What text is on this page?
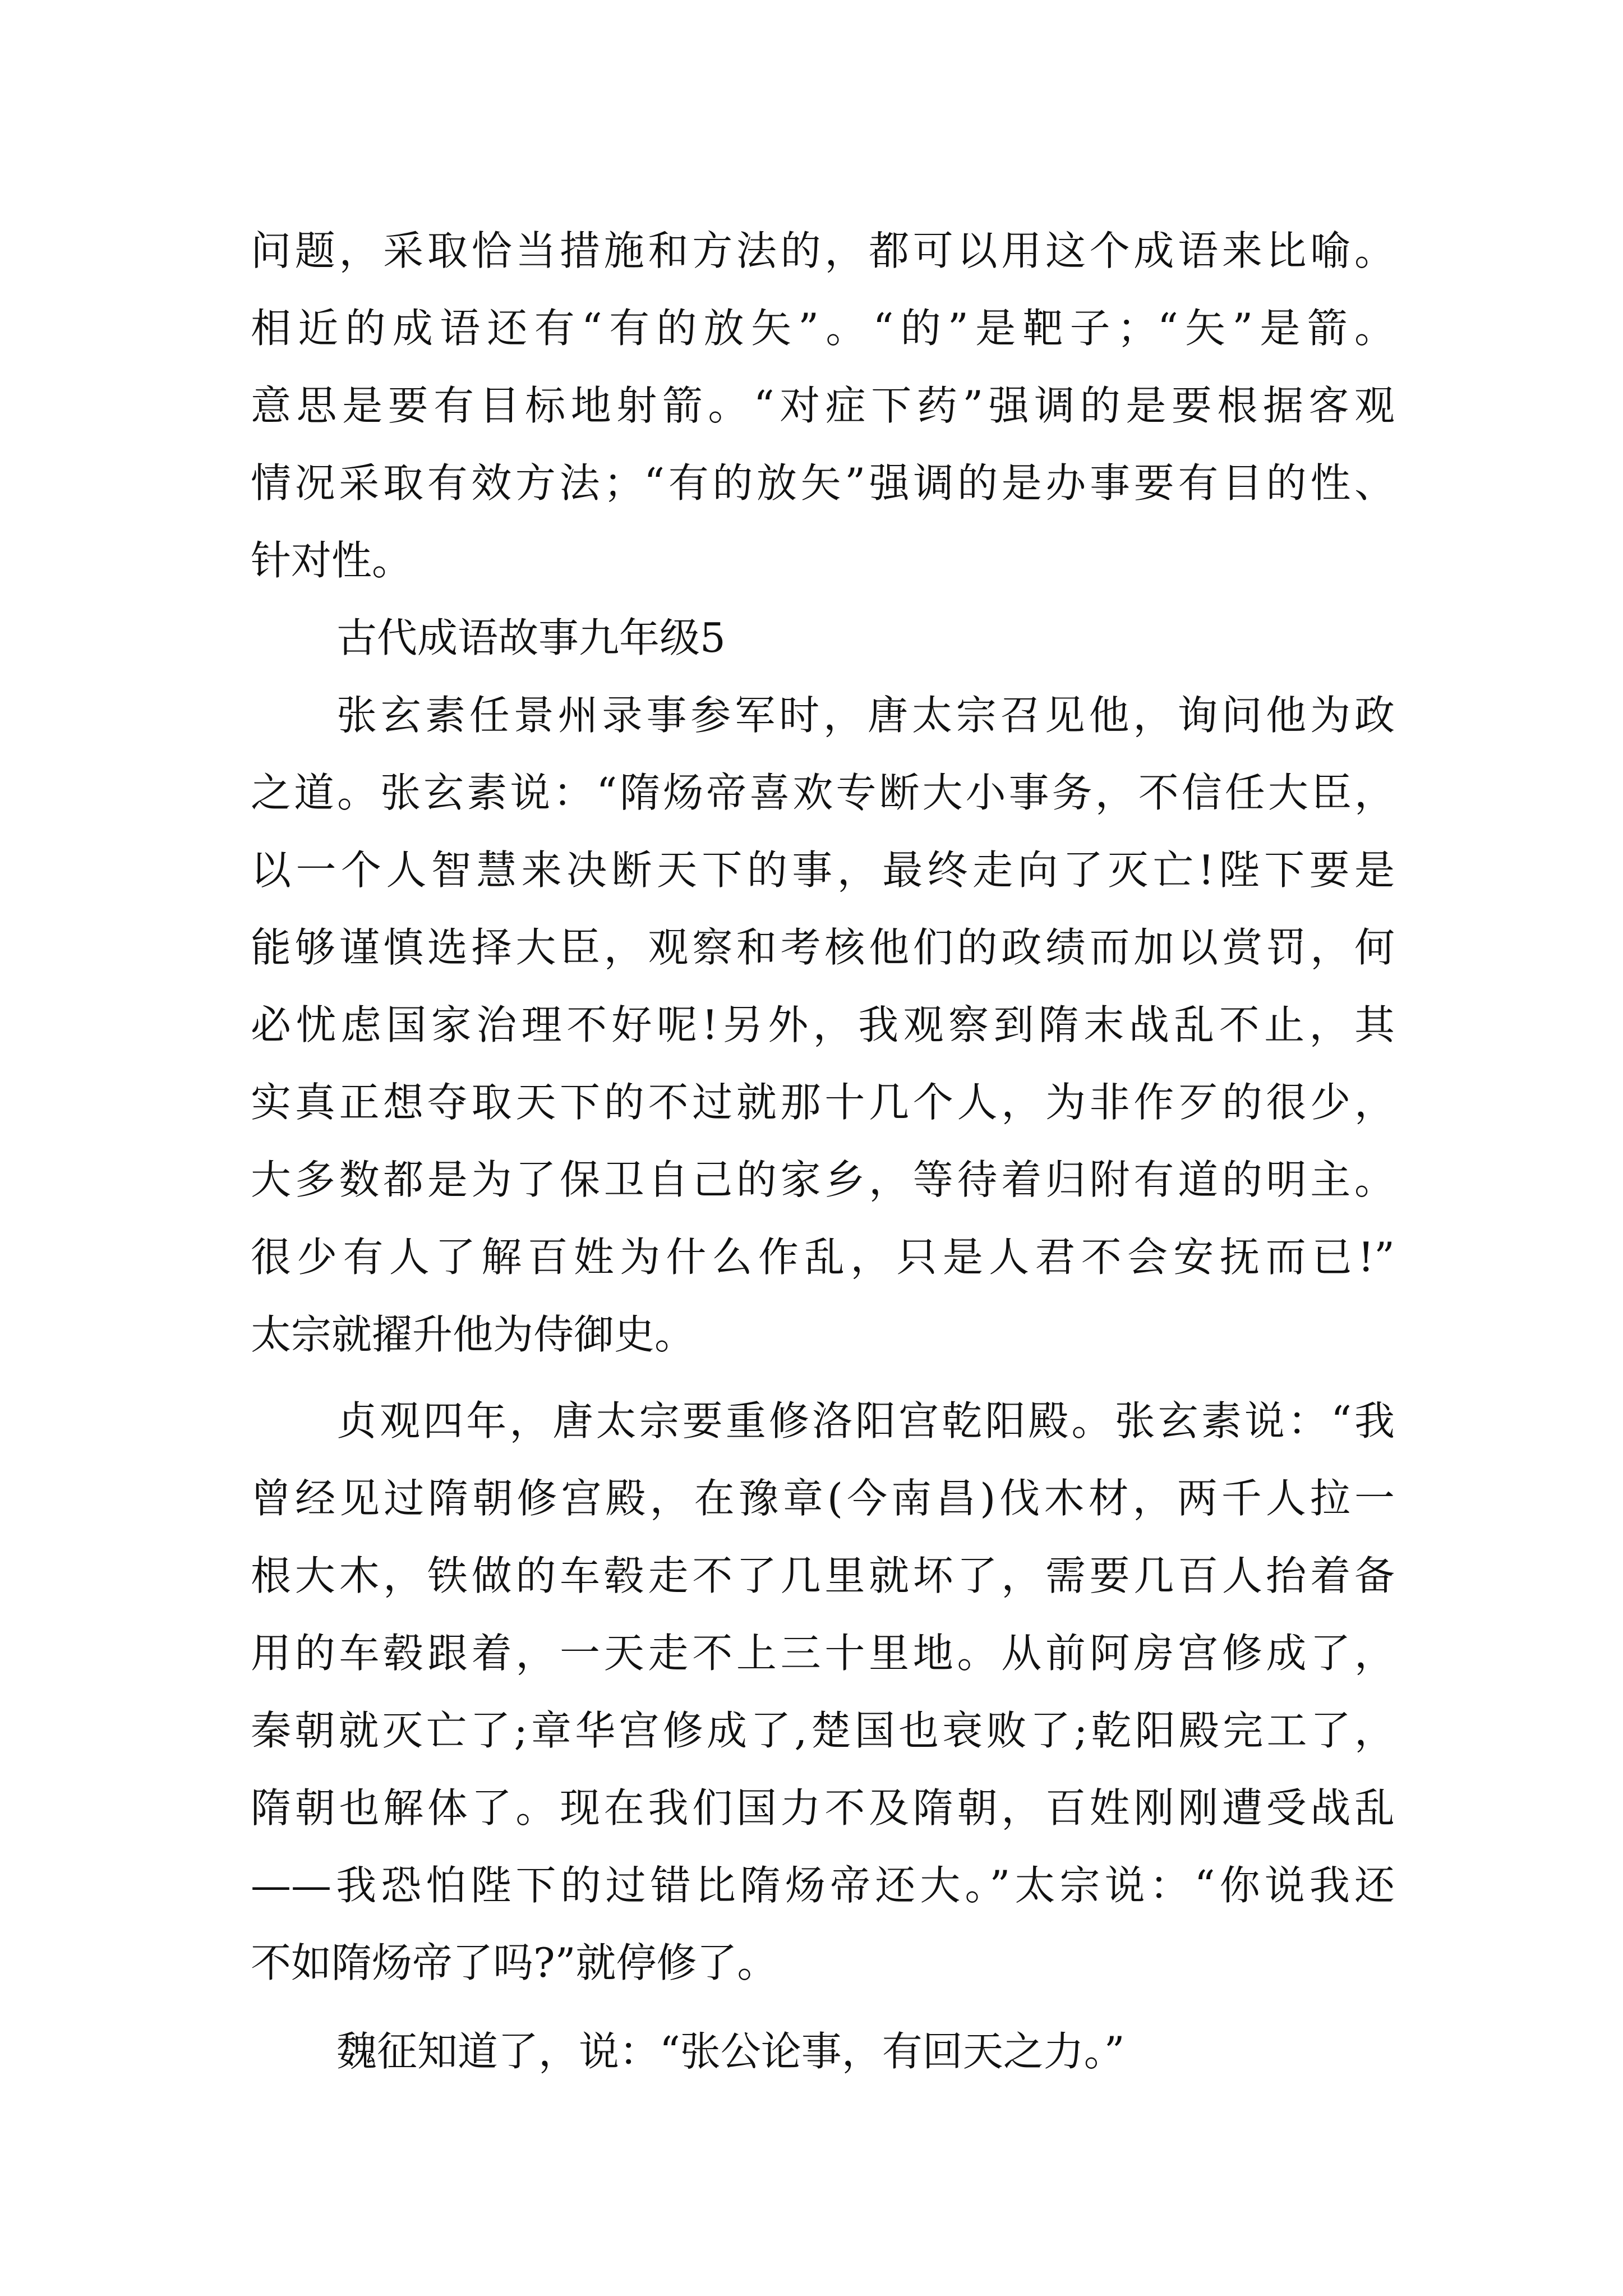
问题，采取恰当措施和方法的，都可以用这个成语来比喻。
相近的成语还有“有的放矢”。“的”是靶子；“矢”是箭。
意思是要有目标地射箭。“对症下药”强调的是要根据客观
情况采取有效方法；“有的放矢”强调的是办事要有目的性、
针对性。
古代成语故事九年级5
张玄素任景州录事参军时，唐太宗召见他，询问他为政
之道。张玄素说：“隋炀帝喜欢专断大小事务，不信任大臣，
以一个人智慧来决断天下的事，最终走向了灭亡!陛下要是
能够谨慎选择大臣，观察和考核他们的政绩而加以赏罚，何
必忧虑国家治理不好呢!另外，我观察到隋末战乱不止，其
实真正想夺取天下的不过就那十几个人，为非作歹的很少，
大多数都是为了保卫自己的家乡，等待着归附有道的明主。
很少有人了解百姓为什么作乱，只是人君不会安抚而已!”
太宗就擢升他为侍御史。
贞观四年，唐太宗要重修洛阳宫乾阳殿。张玄素说：“我
曾经见过隋朝修宫殿，在豫章(今南昌)伐木材，两千人拉一
根大木，铁做的车毂走不了几里就坏了，需要几百人抬着备
用的车毂跟着，一天走不上三十里地。从前阿房宫修成了，
秦朝就灭亡了;章华宫修成了,楚国也衰败了;乾阳殿完工了，
隋朝也解体了。现在我们国力不及隋朝，百姓刚刚遭受战乱
——我恐怕陛下的过错比隋炀帝还大。”太宗说：“你说我还
不如隋炀帝了吗?”就停修了。
魏征知道了，说：“张公论事，有回天之力。”
